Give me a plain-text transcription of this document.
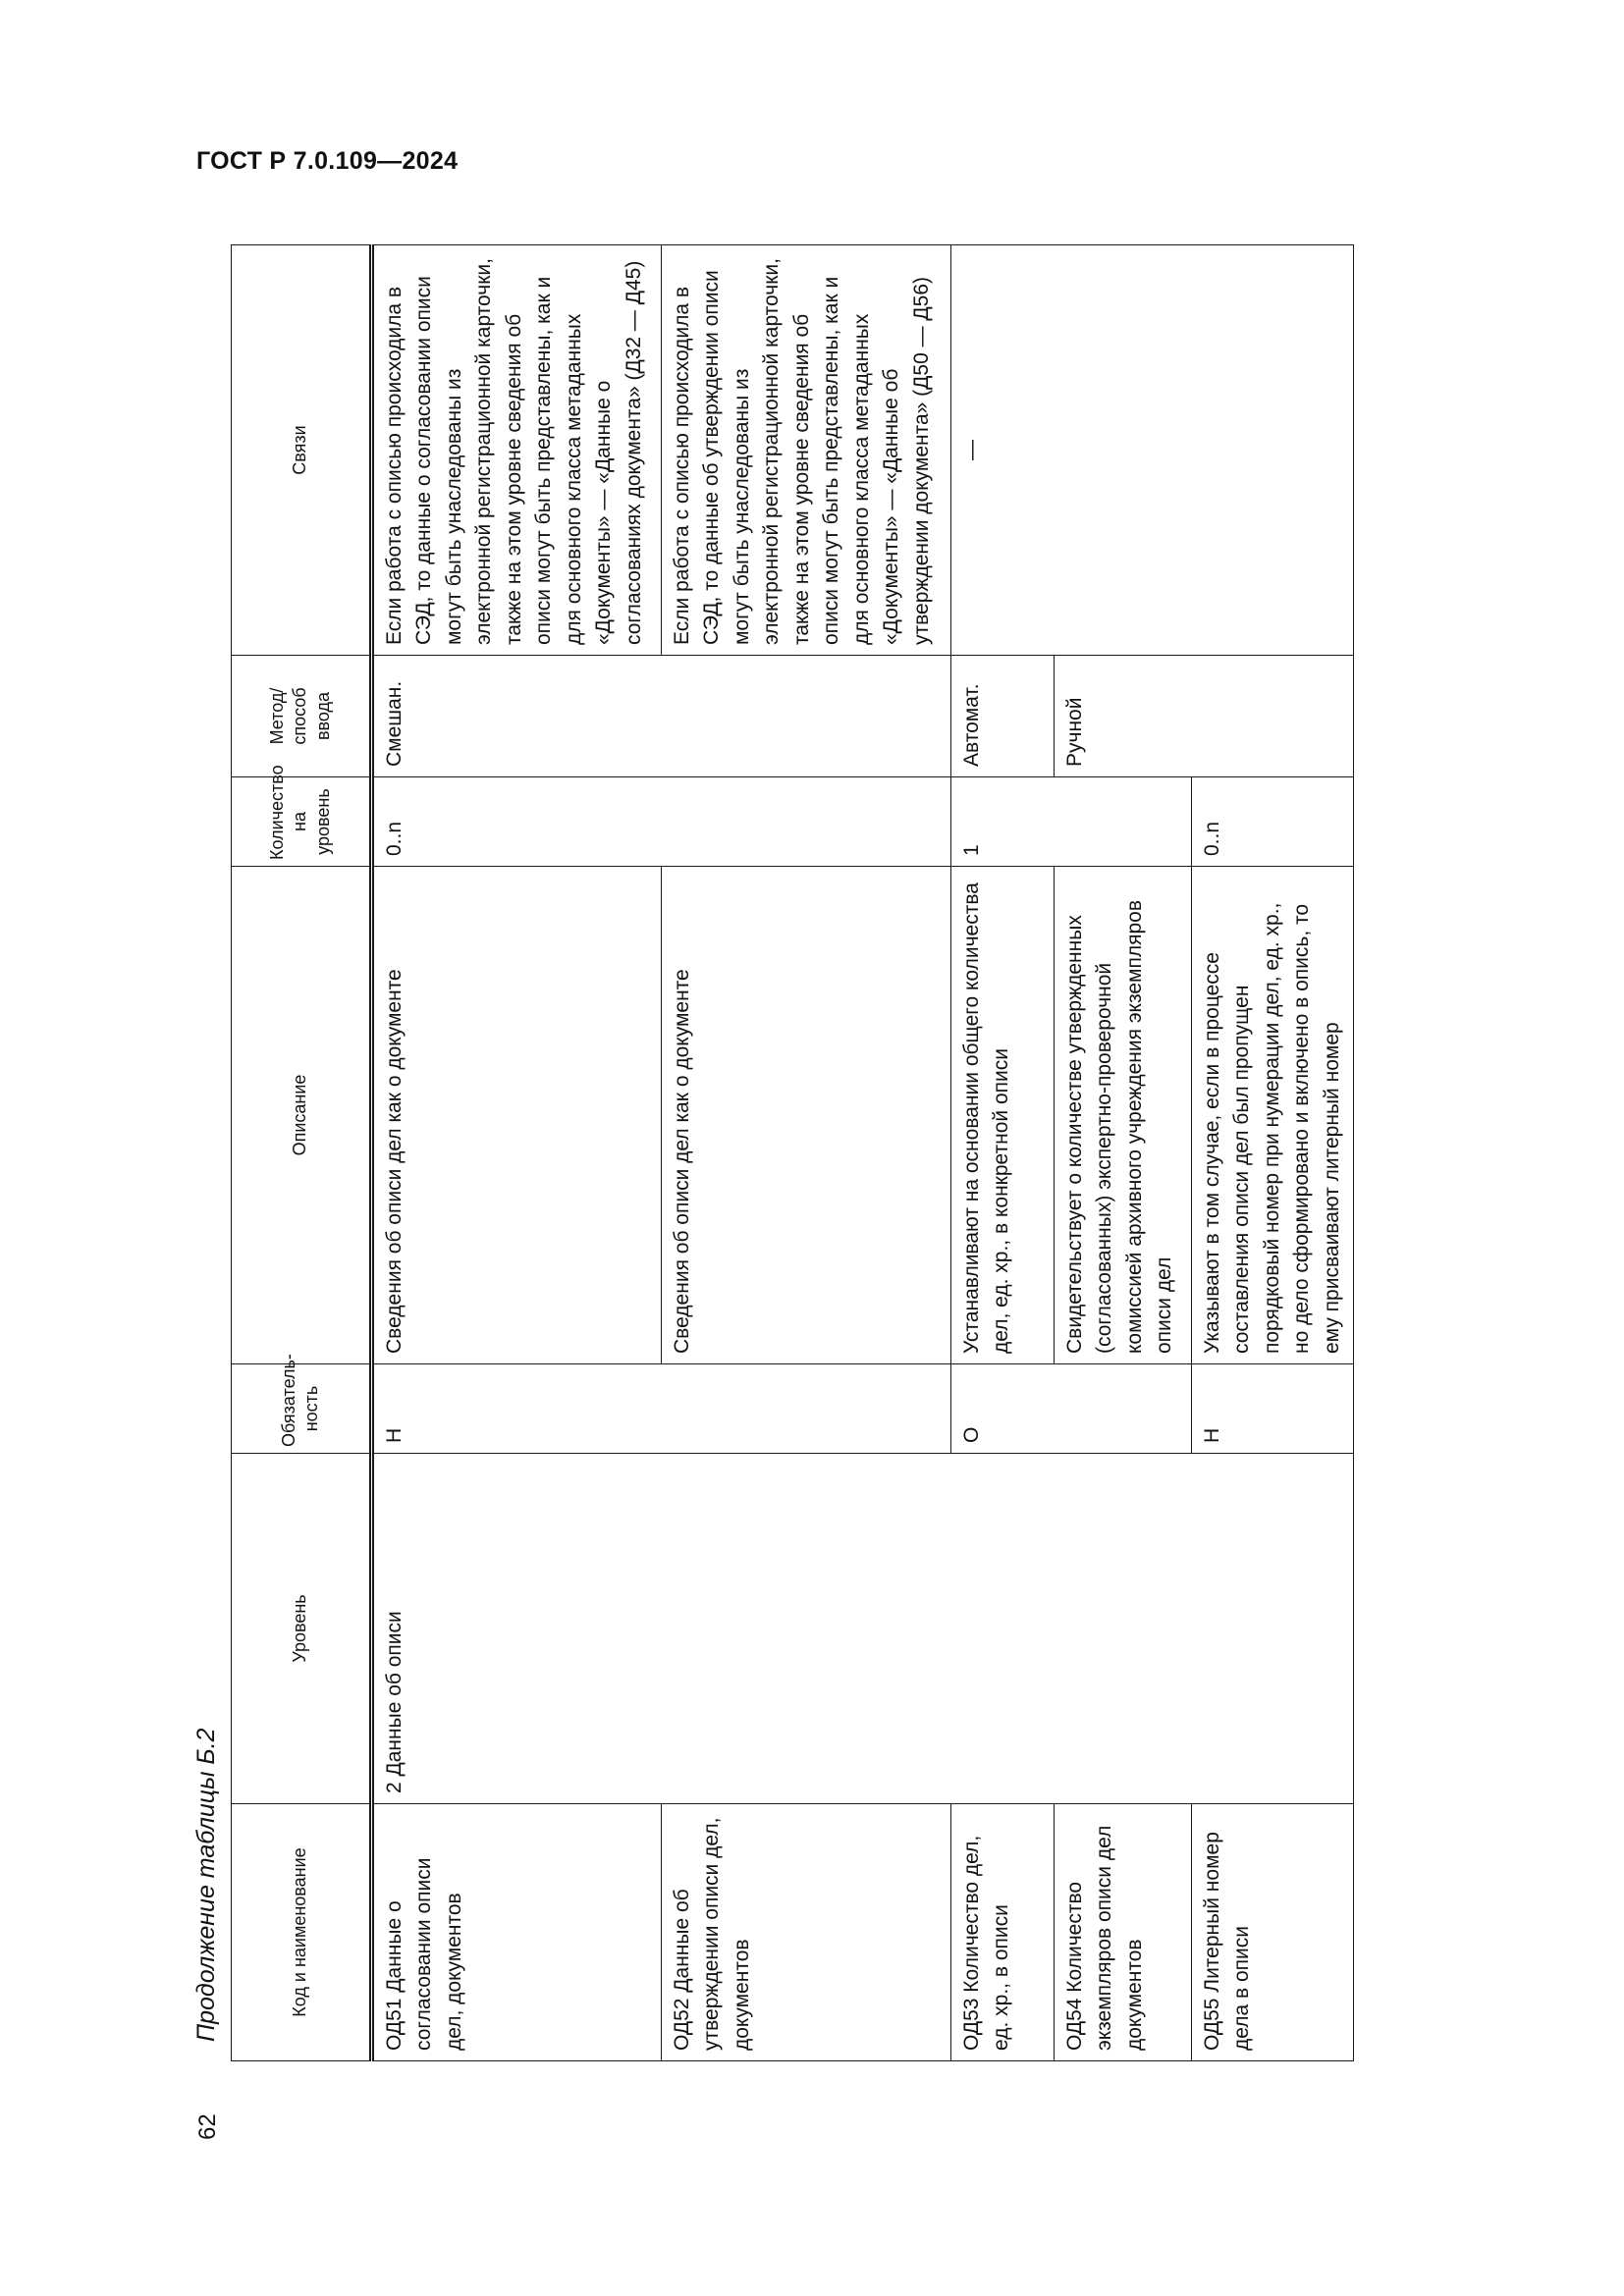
ГОСТ Р 7.0.109—2024
62
Продолжение таблицы Б.2	Код и наименование	Уровень	Обязатель-ность	Описание	Количество на уровень	Метод/ способ ввода	Связи
ОД51 Данные о согласовании описи дел, документов	2 Данные об описи	Н	Сведения об описи дел как о документе	0..n	Смешан.	Если работа с описью происходила в СЭД, то данные о согласовании описи могут быть унаследованы из электронной регистрационной карточки, также на этом уровне сведения об описи могут быть представлены, как и для основного класса метаданных «Документы» — «Данные о согласованиях документа» (Д32 — Д45)
ОД52 Данные об утверждении описи дел, документов			Сведения об описи дел как о документе			Если работа с описью происходила в СЭД, то данные об утверждении описи могут быть унаследованы из электронной регистрационной карточки, также на этом уровне сведения об описи могут быть представлены, как и для основного класса метаданных «Документы» — «Данные об утверждении документа» (Д50 — Д56)
ОД53 Количество дел, ед. хр., в описи		О	Устанавливают на основании общего количества дел, ед. хр., в конкретной описи	1	Автомат.	—
ОД54 Количество экземпляров описи дел документов			Свидетельствует о количестве утвержденных (согласованных) экспертно-проверочной комиссией архивного учреждения экземпляров описи дел		Ручной	
ОД55 Литерный номер дела в описи		Н	Указывают в том случае, если в процессе составления описи дел был пропущен порядковый номер при нумерации дел, ед. хр., но дело сформировано и включено в опись, то ему присваивают литерный номер	0..n		
